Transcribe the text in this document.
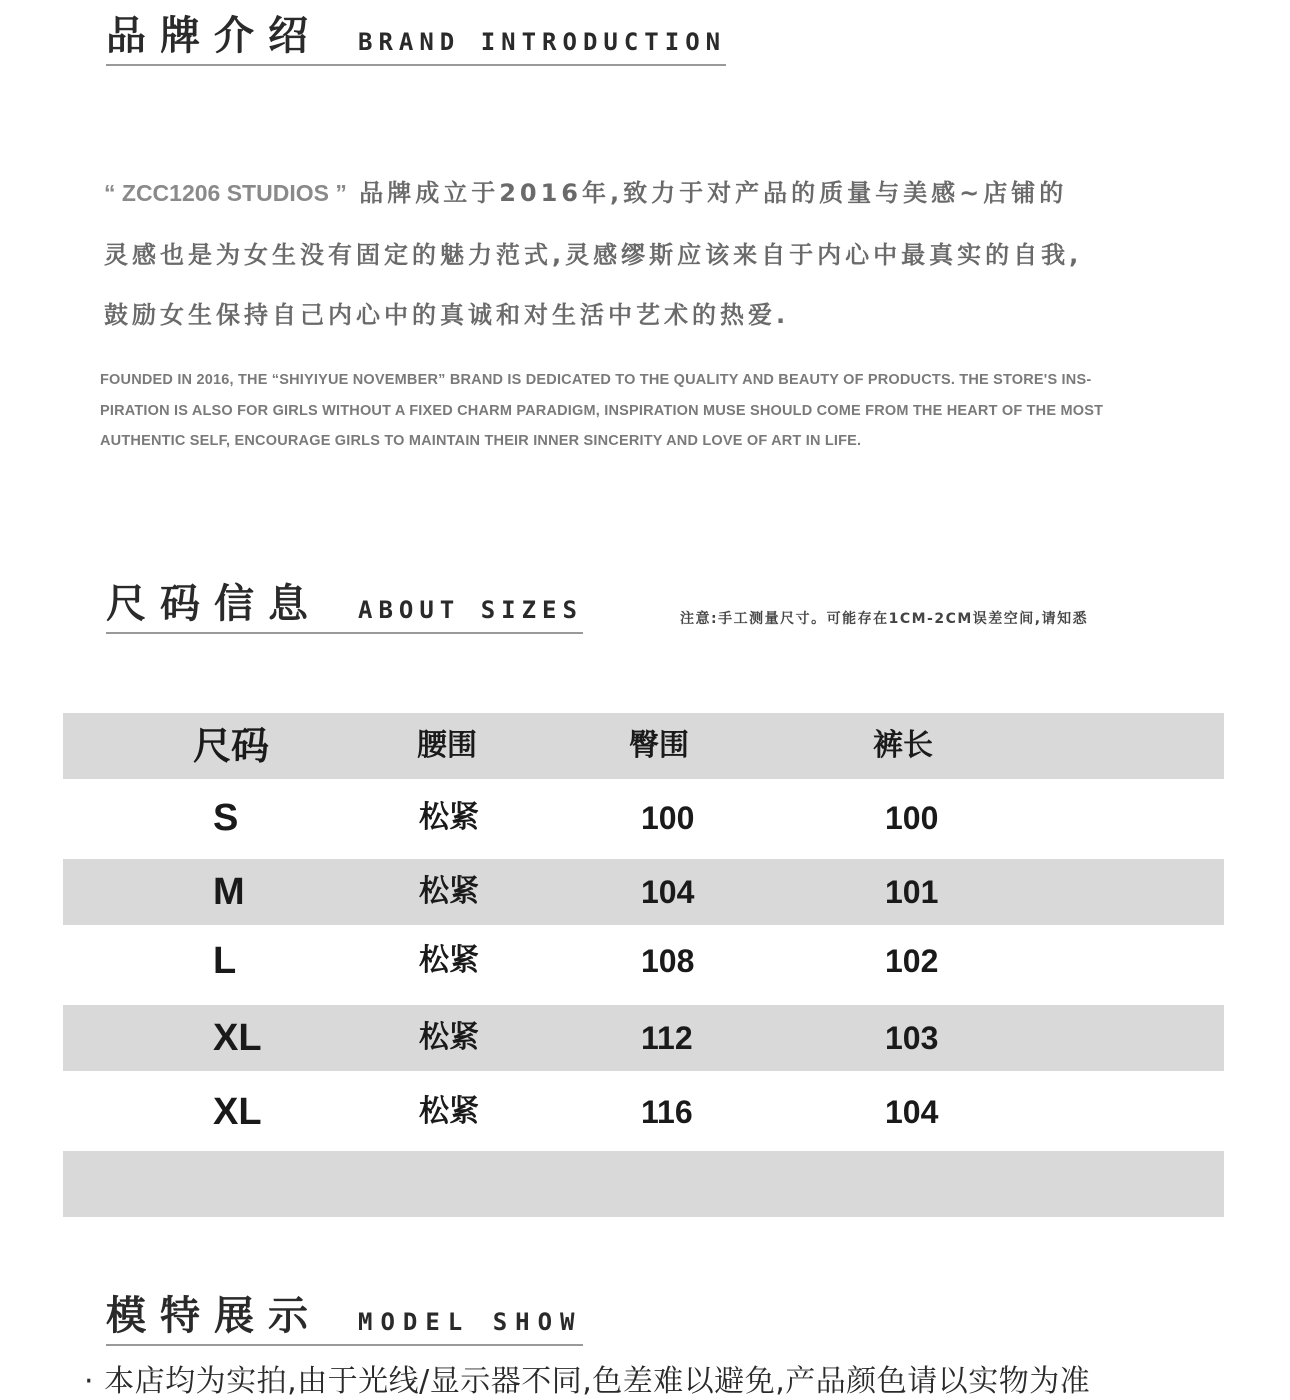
品牌介绍 BRAND INTRODUCTION
“ ZCC1206 STUDIOS ” 品牌成立于2016年,致力于对产品的质量与美感~店铺的
灵感也是为女生没有固定的魅力范式,灵感缪斯应该来自于内心中最真实的自我,
鼓励女生保持自己内心中的真诚和对生活中艺术的热爱.
FOUNDED IN 2016, THE “SHIYIYUE NOVEMBER” BRAND IS DEDICATED TO THE QUALITY AND BEAUTY OF PRODUCTS. THE STORE'S INS-
PIRATION IS ALSO FOR GIRLS WITHOUT A FIXED CHARM PARADIGM, INSPIRATION MUSE SHOULD COME FROM THE HEART OF THE MOST
AUTHENTIC SELF, ENCOURAGE GIRLS TO MAINTAIN THEIR INNER SINCERITY AND LOVE OF ART IN LIFE.
尺码信息 ABOUT SIZES	注意:手工测量尺寸。可能存在1CM-2CM误差空间,请知悉
尺码	腰围	臀围	裤长
S	松紧	100	100
M	松紧	104	101
L	松紧	108	102
XL	松紧	112	103
XL	松紧	116	104
模特展示 MODEL SHOW
· 本店均为实拍,由于光线/显示器不同,色差难以避免,产品颜色请以实物为准
